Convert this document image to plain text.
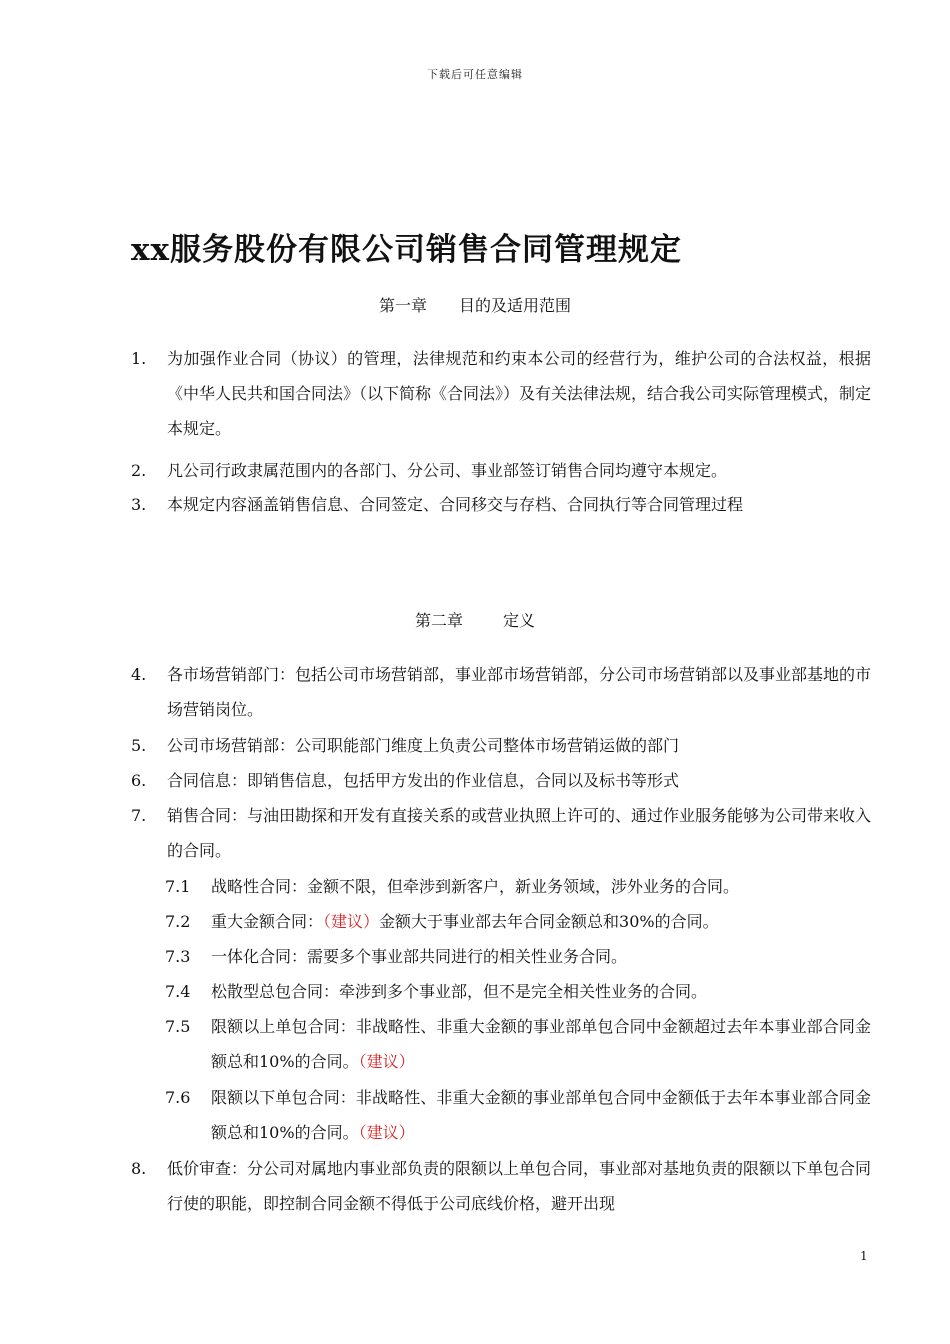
下载后可任意编辑
xx服务股份有限公司销售合同管理规定
第一章 目的及适用范围
1.	为加强作业合同（协议）的管理，法律规范和约束本公司的经营行为，维护公司的合法权益，根据《中华人民共和国合同法》（以下简称《合同法》）及有关法律法规，结合我公司实际管理模式，制定本规定。
2.	凡公司行政隶属范围内的各部门、分公司、事业部签订销售合同均遵守本规定。
3.	本规定内容涵盖销售信息、合同签定、合同移交与存档、合同执行等合同管理过程
第二章	定义
4.	各市场营销部门：包括公司市场营销部，事业部市场营销部，分公司市场营销部以及事业部基地的市场营销岗位。
5.	公司市场营销部：公司职能部门维度上负责公司整体市场营销运做的部门
6.	合同信息：即销售信息，包括甲方发出的作业信息，合同以及标书等形式
7.	销售合同：与油田勘探和开发有直接关系的或营业执照上许可的、通过作业服务能够为公司带来收入的合同。
7.1	战略性合同：金额不限，但牵涉到新客户，新业务领域，涉外业务的合同。
7.2	重大金额合同：（建议）金额大于事业部去年合同金额总和30%的合同。
7.3	一体化合同：需要多个事业部共同进行的相关性业务合同。
7.4	松散型总包合同：牵涉到多个事业部，但不是完全相关性业务的合同。
7.5	限额以上单包合同：非战略性、非重大金额的事业部单包合同中金额超过去年本事业部合同金额总和10%的合同。（建议）
7.6	限额以下单包合同：非战略性、非重大金额的事业部单包合同中金额低于去年本事业部合同金额总和10%的合同。（建议）
8.	低价审查：分公司对属地内事业部负责的限额以上单包合同，事业部对基地负责的限额以下单包合同行使的职能，即控制合同金额不得低于公司底线价格，避开出现
1
